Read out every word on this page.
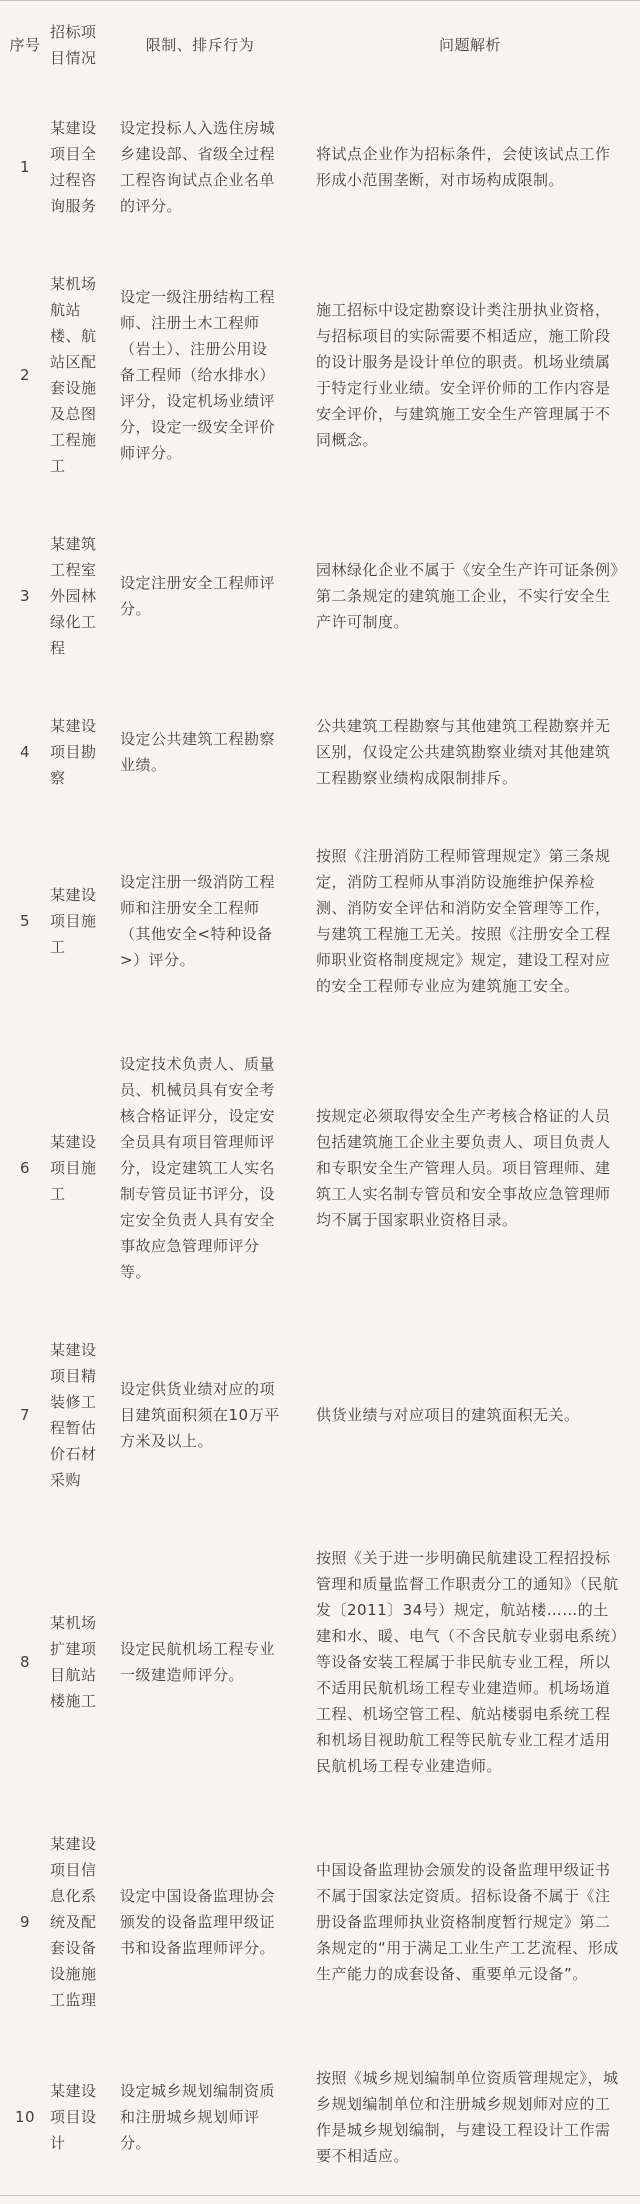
序号	招标项目情况	限制、排斥行为	问题解析
1	某建设项目全过程咨询服务	设定投标人入选住房城乡建设部、省级全过程工程咨询试点企业名单的评分。	将试点企业作为招标条件，会使该试点工作形成小范围垄断，对市场构成限制。
2	某机场航站楼、航站区配套设施及总图工程施工	设定一级注册结构工程师、注册土木工程师（岩土）、注册公用设备工程师（给水排水）评分，设定机场业绩评分，设定一级安全评价师评分。	施工招标中设定勘察设计类注册执业资格，与招标项目的实际需要不相适应，施工阶段的设计服务是设计单位的职责。机场业绩属于特定行业业绩。安全评价师的工作内容是安全评价，与建筑施工安全生产管理属于不同概念。
3	某建筑工程室外园林绿化工程	设定注册安全工程师评分。	园林绿化企业不属于《安全生产许可证条例》第二条规定的建筑施工企业，不实行安全生产许可制度。
4	某建设项目勘察	设定公共建筑工程勘察业绩。	公共建筑工程勘察与其他建筑工程勘察并无区别，仅设定公共建筑勘察业绩对其他建筑工程勘察业绩构成限制排斥。
5	某建设项目施工	设定注册一级消防工程师和注册安全工程师（其他安全<特种设备>）评分。	按照《注册消防工程师管理规定》第三条规定，消防工程师从事消防设施维护保养检测、消防安全评估和消防安全管理等工作，与建筑工程施工无关。按照《注册安全工程师职业资格制度规定》规定，建设工程对应的安全工程师专业应为建筑施工安全。
6	某建设项目施工	设定技术负责人、质量员、机械员具有安全考核合格证评分，设定安全员具有项目管理师评分，设定建筑工人实名制专管员证书评分，设定安全负责人具有安全事故应急管理师评分等。	按规定必须取得安全生产考核合格证的人员包括建筑施工企业主要负责人、项目负责人和专职安全生产管理人员。项目管理师、建筑工人实名制专管员和安全事故应急管理师均不属于国家职业资格目录。
7	某建设项目精装修工程暂估价石材采购	设定供货业绩对应的项目建筑面积须在10万平方米及以上。	供货业绩与对应项目的建筑面积无关。
8	某机场扩建项目航站楼施工	设定民航机场工程专业一级建造师评分。	按照《关于进一步明确民航建设工程招投标管理和质量监督工作职责分工的通知》（民航发〔2011〕34号）规定，航站楼……的土建和水、暖、电气（不含民航专业弱电系统）等设备安装工程属于非民航专业工程，所以不适用民航机场工程专业建造师。机场场道工程、机场空管工程、航站楼弱电系统工程和机场目视助航工程等民航专业工程才适用民航机场工程专业建造师。
9	某建设项目信息化系统及配套设备设施施工监理	设定中国设备监理协会颁发的设备监理甲级证书和设备监理师评分。	中国设备监理协会颁发的设备监理甲级证书不属于国家法定资质。招标设备不属于《注册设备监理师执业资格制度暂行规定》第二条规定的“用于满足工业生产工艺流程、形成生产能力的成套设备、重要单元设备”。
10	某建设项目设计	设定城乡规划编制资质和注册城乡规划师评分。	按照《城乡规划编制单位资质管理规定》，城乡规划编制单位和注册城乡规划师对应的工作是城乡规划编制，与建设工程设计工作需要不相适应。
